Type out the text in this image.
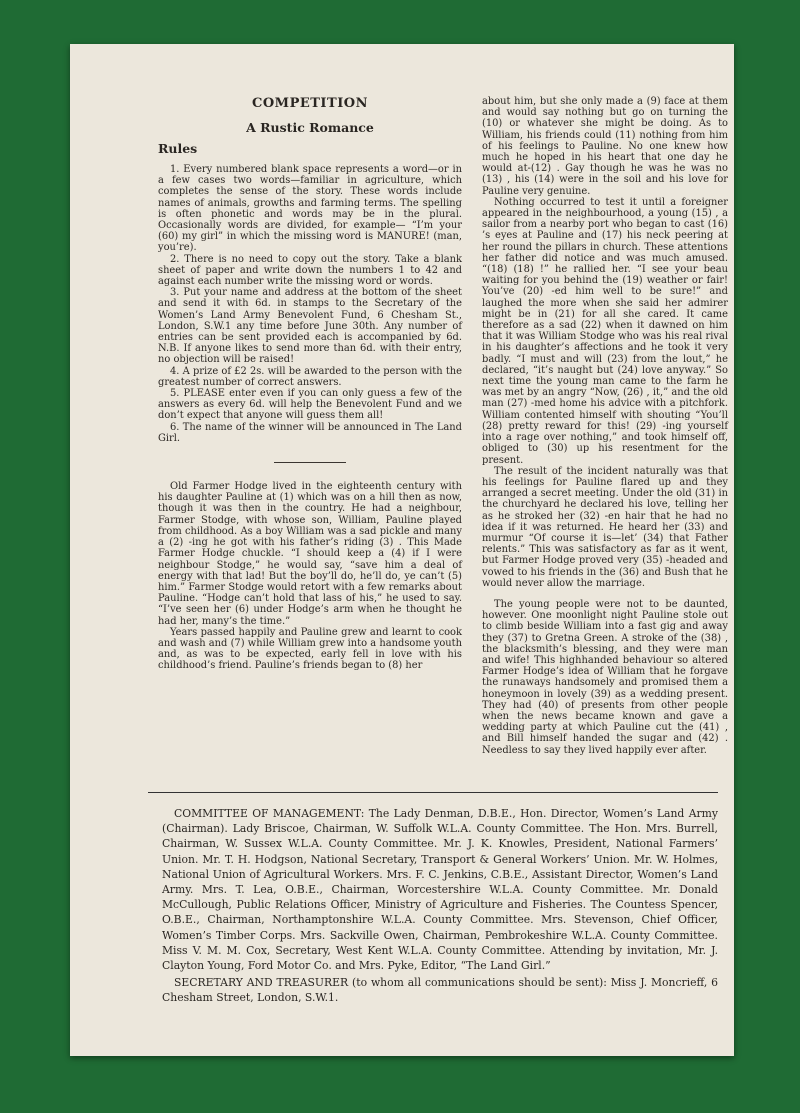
COMPETITION
A Rustic Romance
Rules

1. Every numbered blank space represents a word—or in a few cases two words—familiar in agriculture, which completes the sense of the story. These words include names of animals, growths and farming terms. The spelling is often phonetic and words may be in the plural. Occasionally words are divided, for example— “I’m your (60) my girl” in which the missing word is MANURE! (man, you’re).

2. There is no need to copy out the story. Take a blank sheet of paper and write down the numbers 1 to 42 and against each number write the missing word or words.

3. Put your name and address at the bottom of the sheet and send it with 6d. in stamps to the Secretary of the Women’s Land Army Benevolent Fund, 6 Chesham St., London, S.W.1 any time before June 30th. Any number of entries can be sent provided each is accompanied by 6d. N.B. If anyone likes to send more than 6d. with their entry, no objection will be raised!

4. A prize of £2 2s. will be awarded to the person with the greatest number of correct answers.

5. PLEASE enter even if you can only guess a few of the answers as every 6d. will help the Benevolent Fund and we don’t expect that anyone will guess them all!

6. The name of the winner will be announced in The Land Girl.

Old Farmer Hodge lived in the eighteenth century with his daughter Pauline at (1) which was on a hill then as now, though it was then in the country. He had a neighbour, Farmer Stodge, with whose son, William, Pauline played from childhood. As a boy William was a sad pickle and many a (2) -ing he got with his father’s riding (3) . This Made Farmer Hodge chuckle. “I should keep a (4) if I were neighbour Stodge,” he would say, “save him a deal of energy with that lad! But the boy’ll do, he’ll do, ye can’t (5) him.” Farmer Stodge would retort with a few remarks about Pauline. “Hodge can’t hold that lass of his,” he used to say. “I’ve seen her (6) under Hodge’s arm when he thought he had her, many’s the time.”

Years passed happily and Pauline grew and learnt to cook and wash and (7) while William grew into a handsome youth and, as was to be expected, early fell in love with his childhood’s friend. Pauline’s friends began to (8) her

about him, but she only made a (9) face at them and would say nothing but go on turning the (10) or whatever she might be doing. As to William, his friends could (11) nothing from him of his feelings to Pauline. No one knew how much he hoped in his heart that one day he would at-(12) . Gay though he was he was no (13) , his (14) were in the soil and his love for Pauline very genuine.

Nothing occurred to test it until a foreigner appeared in the neighbourhood, a young (15) , a sailor from a nearby port who began to cast (16) ’s eyes at Pauline and (17) his neck peering at her round the pillars in church. These attentions her father did notice and was much amused. “(18) (18) !” he rallied her. “I see your beau waiting for you behind the (19) weather or fair! You’ve (20) -ed him well to be sure!” and laughed the more when she said her admirer might be in (21) for all she cared. It came therefore as a sad (22) when it dawned on him that it was William Stodge who was his real rival in his daughter’s affections and he took it very badly. “I must and will (23) from the lout,” he declared, “it’s naught but (24) love anyway.” So next time the young man came to the farm he was met by an angry “Now, (26) , it,” and the old man (27) -med home his advice with a pitchfork. William contented himself with shouting “You’ll (28) pretty reward for this! (29) -ing yourself into a rage over nothing,” and took himself off, obliged to (30) up his resentment for the present.

The result of the incident naturally was that his feelings for Pauline flared up and they arranged a secret meeting. Under the old (31) in the churchyard he declared his love, telling her as he stroked her (32) -en hair that he had no idea if it was returned. He heard her (33) and murmur “Of course it is—let’ (34) that Father relents.” This was satisfactory as far as it went, but Farmer Hodge proved very (35) -headed and vowed to his friends in the (36) and Bush that he would never allow the marriage.

The young people were not to be daunted, however. One moonlight night Pauline stole out to climb beside William into a fast gig and away they (37) to Gretna Green. A stroke of the (38) , the blacksmith’s blessing, and they were man and wife! This highhanded behaviour so altered Farmer Hodge’s idea of William that he forgave the runaways handsomely and promised them a honeymoon in lovely (39) as a wedding present. They had (40) of presents from other people when the news became known and gave a wedding party at which Pauline cut the (41) , and Bill himself handed the sugar and (42) . Needless to say they lived happily ever after.

COMMITTEE OF MANAGEMENT: The Lady Denman, D.B.E., Hon. Director, Women’s Land Army (Chairman). Lady Briscoe, Chairman, W. Suffolk W.L.A. County Committee. The Hon. Mrs. Burrell, Chairman, W. Sussex W.L.A. County Committee. Mr. J. K. Knowles, President, National Farmers’ Union. Mr. T. H. Hodgson, National Secretary, Transport & General Workers’ Union. Mr. W. Holmes, National Union of Agricultural Workers. Mrs. F. C. Jenkins, C.B.E., Assistant Director, Women’s Land Army. Mrs. T. Lea, O.B.E., Chairman, Worcestershire W.L.A. County Committee. Mr. Donald McCullough, Public Relations Officer, Ministry of Agriculture and Fisheries. The Countess Spencer, O.B.E., Chairman, Northamptonshire W.L.A. County Committee. Mrs. Stevenson, Chief Officer, Women’s Timber Corps. Mrs. Sackville Owen, Chairman, Pembrokeshire W.L.A. County Committee. Miss V. M. M. Cox, Secretary, West Kent W.L.A. County Committee. Attending by invitation, Mr. J. Clayton Young, Ford Motor Co. and Mrs. Pyke, Editor, “The Land Girl.”

SECRETARY AND TREASURER (to whom all communications should be sent): Miss J. Moncrieff, 6 Chesham Street, London, S.W.1.
